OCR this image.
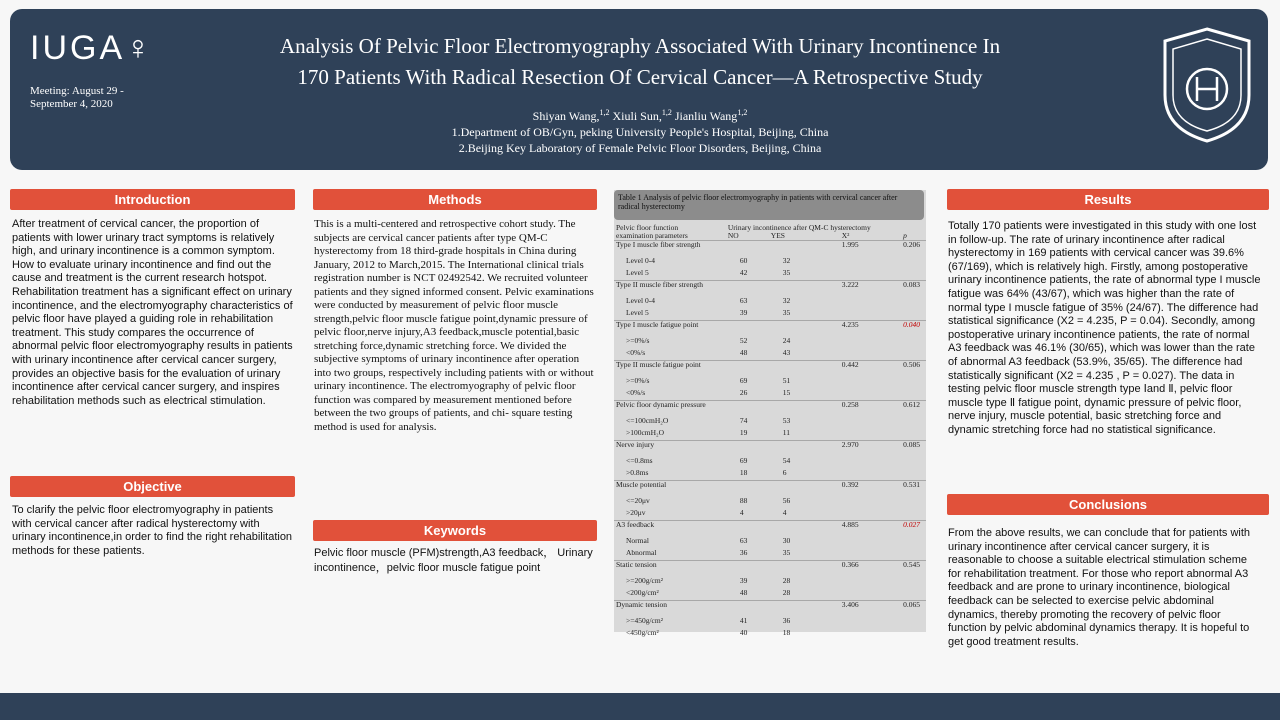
IUGA♀
Meeting: August 29 - September 4, 2020
Analysis Of Pelvic Floor Electromyography Associated With Urinary Incontinence In
170 Patients With Radical Resection Of Cervical Cancer—A Retrospective Study
Shiyan Wang,$^{1,2}$ Xiuli Sun,$^{1,2}$ Jianliu Wang$^{1,2}$
1.Department of OB/Gyn, peking University People's Hospital, Beijing, China
2.Beijing Key Laboratory of Female Pelvic Floor Disorders, Beijing, China
Introduction
After treatment of cervical cancer, the proportion of patients with lower urinary tract symptoms is relatively high, and urinary incontinence is a common symptom. How to evaluate urinary incontinence and find out the cause and treatment is the current research hotspot. Rehabilitation treatment has a significant effect on urinary incontinence, and the electromyography characteristics of pelvic floor have played a guiding role in rehabilitation treatment. This study compares the occurrence of abnormal pelvic floor electromyography results in patients with urinary incontinence after cervical cancer surgery, provides an objective basis for the evaluation of urinary incontinence after cervical cancer surgery, and inspires rehabilitation methods such as electrical stimulation.
Objective
To clarify the pelvic floor electromyography in patients with cervical cancer after radical hysterectomy with urinary incontinence,in order to find the right rehabilitation methods for these patients.
Methods
This is a multi-centered and retrospective cohort study. The subjects are cervical cancer patients after type QM-C hysterectomy from 18 third-grade hospitals in China during January, 2012 to March,2015. The International clinical trials registration number is NCT 02492542. We recruited volunteer patients and they signed informed consent. Pelvic examinations were conducted by measurement of pelvic floor muscle strength,pelvic floor muscle fatigue point,dynamic pressure of pelvic floor,nerve injury,A3 feedback,muscle potential,basic stretching force,dynamic stretching force. We divided the subjective symptoms of urinary incontinence after operation into two groups, respectively including patients with or without urinary incontinence. The electromyography of pelvic floor function was compared by measurement mentioned before between the two groups of patients, and chi- square testing method is used for analysis.
Keywords
Pelvic floor muscle (PFM)strength,A3 feedback， Urinary incontinence，pelvic floor muscle fatigue point
Table 1 Analysis of pelvic floor electromyography in patients with cervical cancer after radical hysterectomy
Pelvic floor function	Urinary incontinence after QM-C hysterectomy			
examination parameters	NO	YES	X²	p
Type I muscle fiber strength			1.995	0.206
Level 0-4	60	32		
Level 5	42	35		
Type II muscle fiber strength			3.222	0.083
Level 0-4	63	32		
Level 5	39	35		
Type I muscle fatigue point			4.235	0.040
>=0%/s	52	24		
<0%/s	48	43		
Type II muscle fatigue point			0.442	0.506
>=0%/s	69	51		
<0%/s	26	15		
Pelvic floor dynamic pressure			0.258	0.612
<=100cmH₂O	74	53		
>100cmH₂O	19	11		
Nerve injury			2.970	0.085
<=0.8ms	69	54		
>0.8ms	18	6		
Muscle potential			0.392	0.531
<=20μv	88	56		
>20μv	4	4		
A3 feedback			4.885	0.027
Normal	63	30		
Abnormal	36	35		
Static tension			0.366	0.545
>=200g/cm²	39	28		
<200g/cm²	48	28		
Dynamic tension			3.406	0.065
>=450g/cm²	41	36		
<450g/cm²	40	18		
Results
Totally 170 patients were investigated in this study with one lost in follow-up. The rate of urinary incontinence after radical hysterectomy in 169 patients with cervical cancer was 39.6% (67/169), which is relatively high. Firstly, among postoperative urinary incontinence patients, the rate of abnormal type I muscle fatigue was 64% (43/67), which was higher than the rate of normal type I muscle fatigue of 35% (24/67). The difference had statistical significance (X2 = 4.235, P = 0.04). Secondly, among postoperative urinary incontinence patients, the rate of normal A3 feedback was 46.1% (30/65), which was lower than the rate of abnormal A3 feedback (53.9%, 35/65). The difference had statistically significant (X2 = 4.235 , P = 0.027). The data in testing pelvic floor muscle strength type Ⅰand Ⅱ, pelvic floor muscle type Ⅱ fatigue point, dynamic pressure of pelvic floor, nerve injury, muscle potential, basic stretching force and dynamic stretching force had no statistical significance.
Conclusions
From the above results, we can conclude that for patients with urinary incontinence after cervical cancer surgery, it is reasonable to choose a suitable electrical stimulation scheme for rehabilitation treatment. For those who report abnormal A3 feedback and are prone to urinary incontinence, biological feedback can be selected to exercise pelvic abdominal dynamics, thereby promoting the recovery of pelvic floor function by pelvic abdominal dynamics therapy. It is hopeful to get good treatment results.
